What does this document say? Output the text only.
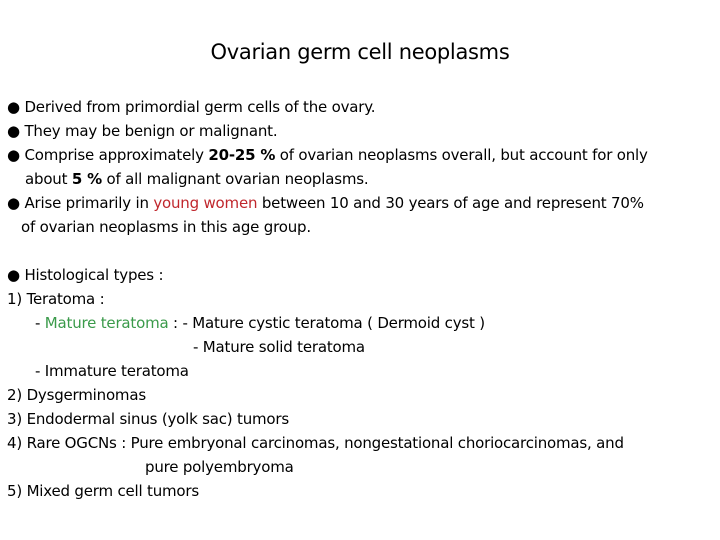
Ovarian germ cell neoplasms
● Derived from primordial germ cells of the ovary.
● They may be benign or malignant.
● Comprise approximately 20-25 % of ovarian neoplasms overall, but account for only
about 5 % of all malignant ovarian neoplasms.
● Arise primarily in young women between 10 and 30 years of age and represent 70%
of ovarian neoplasms in this age group.
● Histological types :
1) Teratoma :
- Mature teratoma : - Mature cystic teratoma ( Dermoid cyst )
- Mature solid teratoma
- Immature teratoma
2) Dysgerminomas
3) Endodermal sinus (yolk sac) tumors
4) Rare OGCNs : Pure embryonal carcinomas, nongestational choriocarcinomas, and
pure polyembryoma
5) Mixed germ cell tumors
